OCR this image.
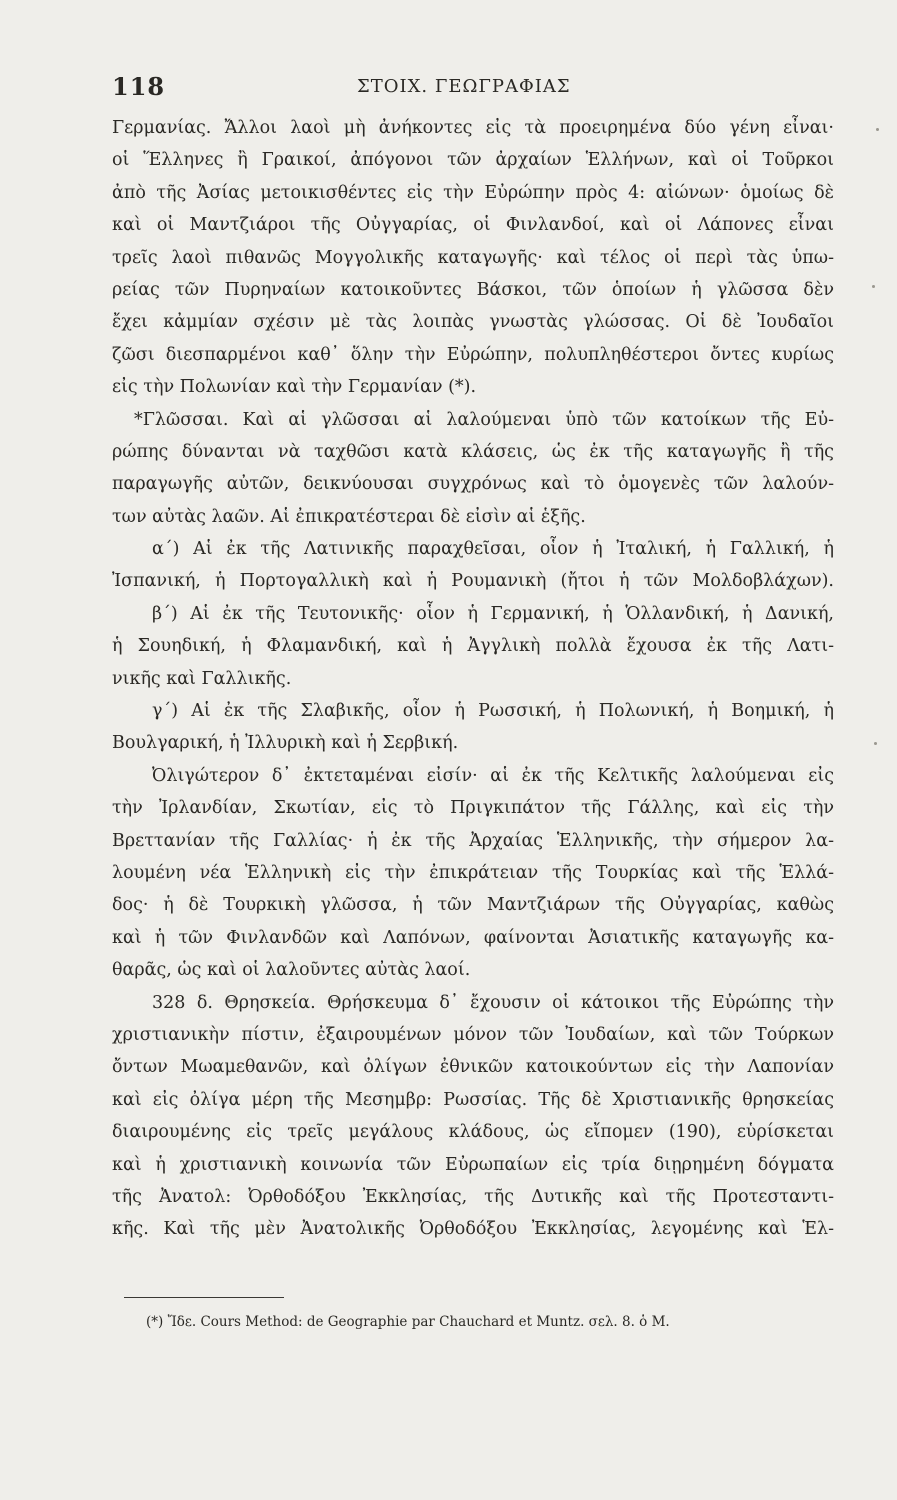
118	ΣΤΟΙΧ. ΓΕΩΓΡΑΦΙΑΣ
Γερμανίας. Ἄλλοι λαοὶ μὴ ἀνήκοντες εἰς τὰ προειρημένα δύο γένη εἶναι·
οἱ Ἕλληνες ἢ Γραικοί, ἀπόγονοι τῶν ἀρχαίων Ἑλλήνων, καὶ οἱ Τοῦρκοι
ἀπὸ τῆς Ἀσίας μετοικισθέντες εἰς τὴν Εὐρώπην πρὸς 4: αἰώνων· ὁμοίως δὲ
καὶ οἱ Μαντζιάροι τῆς Οὐγγαρίας, οἱ Φινλανδοί, καὶ οἱ Λάπονες εἶναι
τρεῖς λαοὶ πιθανῶς Μογγολικῆς καταγωγῆς· καὶ τέλος οἱ περὶ τὰς ὑπω-
ρείας τῶν Πυρηναίων κατοικοῦντες Βάσκοι, τῶν ὁποίων ἡ γλῶσσα δὲν
ἔχει κἀμμίαν σχέσιν μὲ τὰς λοιπὰς γνωστὰς γλώσσας. Οἱ δὲ Ἰουδαῖοι
ζῶσι διεσπαρμένοι καθ᾽ ὅλην τὴν Εὐρώπην, πολυπληθέστεροι ὄντες κυρίως
εἰς τὴν Πολωνίαν καὶ τὴν Γερμανίαν (*).
*Γλῶσσαι. Καὶ αἱ γλῶσσαι αἱ λαλούμεναι ὑπὸ τῶν κατοίκων τῆς Εὐ-
ρώπης δύνανται νὰ ταχθῶσι κατὰ κλάσεις, ὡς ἐκ τῆς καταγωγῆς ἢ τῆς
παραγωγῆς αὐτῶν, δεικνύουσαι συγχρόνως καὶ τὸ ὁμογενὲς τῶν λαλούν-
των αὐτὰς λαῶν. Αἱ ἐπικρατέστεραι δὲ εἰσὶν αἱ ἑξῆς.
α´) Αἱ ἐκ τῆς Λατινικῆς παραχθεῖσαι, οἷον ἡ Ἰταλική, ἡ Γαλλική, ἡ
Ἰσπανική, ἡ Πορτογαλλικὴ καὶ ἡ Ρουμανικὴ (ἤτοι ἡ τῶν Μολδοβλάχων).
β´) Αἱ ἐκ τῆς Τευτονικῆς· οἷον ἡ Γερμανική, ἡ Ὁλλανδική, ἡ Δανική,
ἡ Σουηδική, ἡ Φλαμανδική, καὶ ἡ Ἀγγλικὴ πολλὰ ἔχουσα ἐκ τῆς Λατι-
νικῆς καὶ Γαλλικῆς.
γ´) Αἱ ἐκ τῆς Σλαβικῆς, οἷον ἡ Ρωσσική, ἡ Πολωνική, ἡ Βοημική, ἡ
Βουλγαρική, ἡ Ἰλλυρικὴ καὶ ἡ Σερβική.
Ὀλιγώτερον δ᾽ ἐκτεταμέναι εἰσίν· αἱ ἐκ τῆς Κελτικῆς λαλούμεναι εἰς
τὴν Ἰρλανδίαν, Σκωτίαν, εἰς τὸ Πριγκιπάτον τῆς Γάλλης, καὶ εἰς τὴν
Βρεττανίαν τῆς Γαλλίας· ἡ ἐκ τῆς Ἀρχαίας Ἑλληνικῆς, τὴν σήμερον λα-
λουμένη νέα Ἑλληνικὴ εἰς τὴν ἐπικράτειαν τῆς Τουρκίας καὶ τῆς Ἑλλά-
δος· ἡ δὲ Τουρκικὴ γλῶσσα, ἡ τῶν Μαντζιάρων τῆς Οὐγγαρίας, καθὼς
καὶ ἡ τῶν Φινλανδῶν καὶ Λαπόνων, φαίνονται Ἀσιατικῆς καταγωγῆς κα-
θαρᾶς, ὡς καὶ οἱ λαλοῦντες αὐτὰς λαοί.
328 δ. Θρησκεία. Θρήσκευμα δ᾽ ἔχουσιν οἱ κάτοικοι τῆς Εὐρώπης τὴν
χριστιανικὴν πίστιν, ἐξαιρουμένων μόνον τῶν Ἰουδαίων, καὶ τῶν Τούρκων
ὄντων Μωαμεθανῶν, καὶ ὀλίγων ἐθνικῶν κατοικούντων εἰς τὴν Λαπονίαν
καὶ εἰς ὀλίγα μέρη τῆς Μεσημβρ: Ρωσσίας. Τῆς δὲ Χριστιανικῆς θρησκείας
διαιρουμένης εἰς τρεῖς μεγάλους κλάδους, ὡς εἴπομεν (190), εὑρίσκεται
καὶ ἡ χριστιανικὴ κοινωνία τῶν Εὐρωπαίων εἰς τρία διῃρημένη δόγματα
τῆς Ἀνατολ: Ὀρθοδόξου Ἐκκλησίας, τῆς Δυτικῆς καὶ τῆς Προτεσταντι-
κῆς. Καὶ τῆς μὲν Ἀνατολικῆς Ὀρθοδόξου Ἐκκλησίας, λεγομένης καὶ Ἑλ-
(*) Ἴδε. Cours Method: de Geographie par Chauchard et Muntz. σελ. 8. ὁ Μ.
